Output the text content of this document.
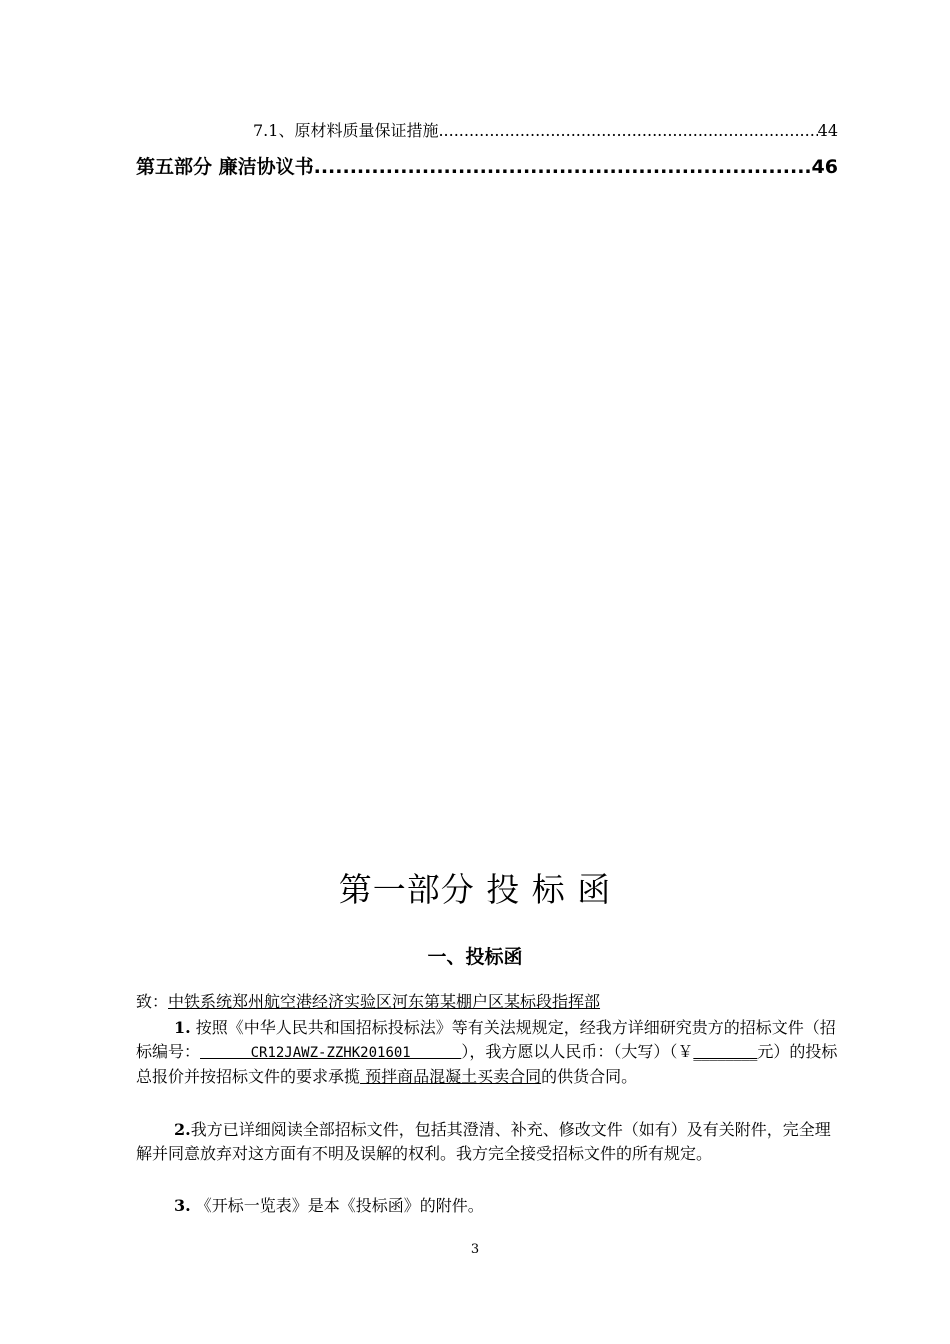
7.1、原材料质量保证措施 .....	44
第五部分 廉洁协议书 .....	46
第一部分 投 标 函
一、投标函
致：中铁系统郑州航空港经济实验区河东第某棚户区某标段指挥部
1. 按照《中华人民共和国招标投标法》等有关法规规定，经我方详细研究贵方的招标文件（招标编号：      CR12JAWZ-ZZHK201601      ），我方愿以人民币：（大写）（￥________元）的投标总报价并按招标文件的要求承揽 预拌商品混凝土买卖合同的供货合同。
2.我方已详细阅读全部招标文件，包括其澄清、补充、修改文件（如有）及有关附件，完全理解并同意放弃对这方面有不明及误解的权利。我方完全接受招标文件的所有规定。
3. 《开标一览表》是本《投标函》的附件。
3
